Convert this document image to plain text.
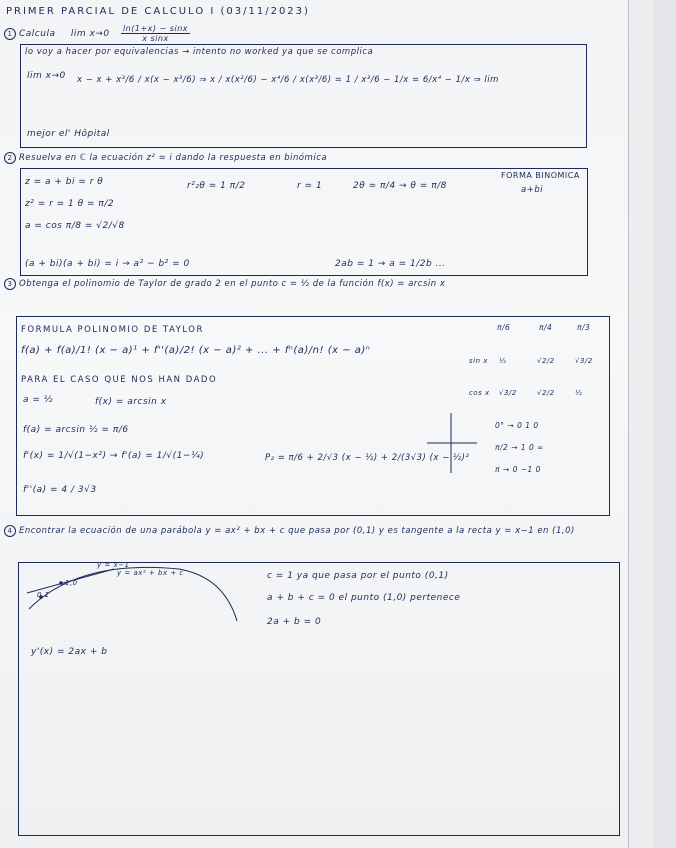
PRIMER PARCIAL DE CALCULO I (03/11/2023)
1 Calcula $\lim x\to 0 \frac{\ln(1+x) - \sin x}{\text{x sinx}}$
lo voy a hacer por equivalencias → intento no worked ya que se complica
lim x→0 x − x + x³/6 / x(x − x³/6) ⇒ x / x(x²/6) − x⁴/6 / x(x³/6) = 1 / x³/6 − 1/x = 6/x⁴ − 1/x ⇒ lim
mejor el' Hôpital
2 Resuelva en ℂ la ecuación z² = i dando la respuesta en binómica
z = a + bi = r θ	r²₂θ = 1 π/2	r = 1	2θ = π/4 → θ = π/8
z² = r = 1 θ = π/2
a = cos π/8 = √2/√8
(a + bi)(a + bi) = i → a² − b² = 0	2ab = 1 → a = 1/2b ...
FORMA BINOMICA
a+bi
3 Obtenga el polinomio de Taylor de grado 2 en el punto c = ½ de la función f(x) = arcsin x
FORMULA POLINOMIO DE TAYLOR
f(a) + f(a)/1! (x − a)¹ + f''(a)/2! (x − a)² + ... + fⁿ(a)/n! (x − a)ⁿ
PARA EL CASO QUE NOS HAN DADO
a = ½	f(x) = arcsin x
f(a) = arcsin ½ = π/6
f'(x) = 1/√(1−x²) → f'(a) = 1/√(1−¼)
f''(a) = 4 / 3√3
P₂ = π/6 + 2/√3 (x − ½) + 2/(3√3) (x − ½)²
π/6	π/4	π/3
sin x ½	√2/2	√3/2
cos x √3/2	√2/2	½
0° → 0 1 0
π/2 → 1 0 ∞
π → 0 −1 0
4 Encontrar la ecuación de una parábola y = ax² + bx + c que pasa por (0,1) y es tangente a la recta y = x−1 en (1,0)
y = x−1
y = ax² + bx + c
0,1
1,0
c = 1 ya que pasa por el punto (0,1)
a + b + c = 0 el punto (1,0) pertenece
2a + b = 0
y'(x) = 2ax + b
